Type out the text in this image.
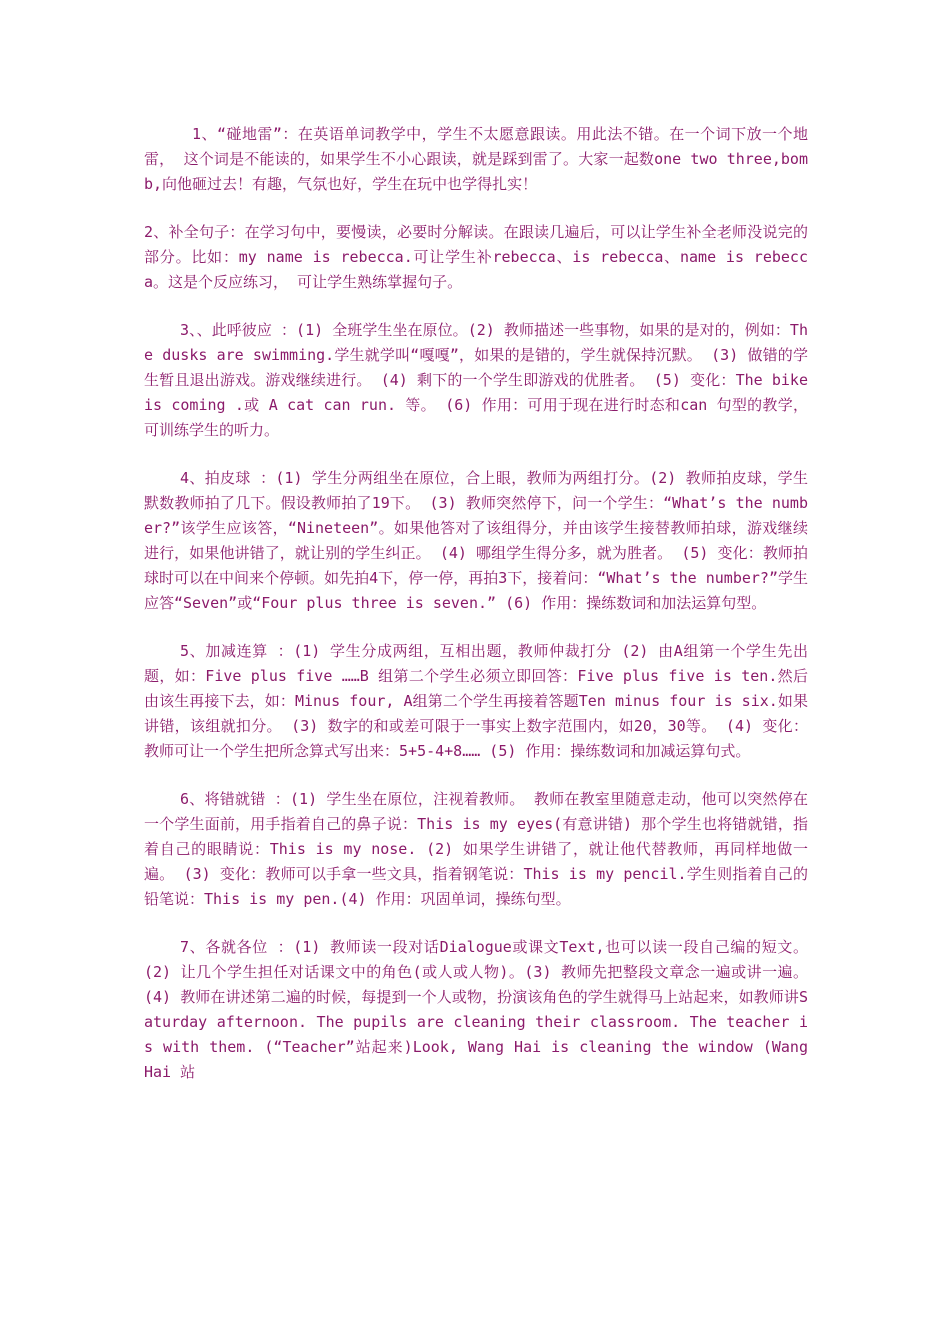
1、“碰地雷”：在英语单词教学中，学生不太愿意跟读。用此法不错。在一个词下放一个地雷， 这个词是不能读的，如果学生不小心跟读，就是踩到雷了。大家一起数one two three,bomb,向他砸过去！有趣，气氛也好，学生在玩中也学得扎实！

2、补全句子：在学习句中，要慢读，必要时分解读。在跟读几遍后，可以让学生补全老师没说完的部分。比如：my name is rebecca.可让学生补rebecca、is rebecca、name is rebecca。这是个反应练习， 可让学生熟练掌握句子。

3、、此呼彼应 ：(1) 全班学生坐在原位。(2) 教师描述一些事物，如果的是对的，例如：The dusks are swimming.学生就学叫“嘎嘎”，如果的是错的，学生就保持沉默。 (3) 做错的学生暂且退出游戏。游戏继续进行。 (4) 剩下的一个学生即游戏的优胜者。 (5) 变化：The bike is coming .或 A cat can run. 等。 (6) 作用：可用于现在进行时态和can 句型的教学，可训练学生的听力。

4、拍皮球 ：(1) 学生分两组坐在原位，合上眼，教师为两组打分。(2) 教师拍皮球，学生默数教师拍了几下。假设教师拍了19下。 (3) 教师突然停下，问一个学生：“What’s the number?”该学生应该答，“Nineteen”。如果他答对了该组得分，并由该学生接替教师拍球，游戏继续进行，如果他讲错了，就让别的学生纠正。 (4) 哪组学生得分多，就为胜者。 (5) 变化：教师拍球时可以在中间来个停顿。如先拍4下，停一停，再拍3下，接着问：“What’s the number?”学生应答“Seven”或“Four plus three is seven.” (6) 作用：操练数词和加法运算句型。

5、加减连算 ：(1) 学生分成两组，互相出题，教师仲裁打分 (2) 由A组第一个学生先出题，如：Five plus five ……B 组第二个学生必须立即回答：Five plus five is ten.然后由该生再接下去，如：Minus four, A组第二个学生再接着答题Ten minus four is six.如果讲错，该组就扣分。 (3) 数字的和或差可限于一事实上数字范围内，如20，30等。 (4) 变化：教师可让一个学生把所念算式写出来：5+5-4+8…… (5) 作用：操练数词和加减运算句式。

6、将错就错 ：(1) 学生坐在原位，注视着教师。 教师在教室里随意走动，他可以突然停在一个学生面前，用手指着自己的鼻子说：This is my eyes(有意讲错) 那个学生也将错就错，指着自己的眼睛说：This is my nose. (2) 如果学生讲错了，就让他代替教师，再同样地做一遍。 (3) 变化：教师可以手拿一些文具，指着钢笔说：This is my pencil.学生则指着自己的铅笔说：This is my pen.(4) 作用：巩固单词，操练句型。

7、各就各位 ：(1) 教师读一段对话Dialogue或课文Text,也可以读一段自己编的短文。 (2) 让几个学生担任对话课文中的角色(或人或人物)。(3) 教师先把整段文章念一遍或讲一遍。 (4) 教师在讲述第二遍的时候，每提到一个人或物，扮演该角色的学生就得马上站起来，如教师讲Saturday afternoon. The pupils are cleaning their classroom. The teacher is with them. (“Teacher”站起来)Look, Wang Hai is cleaning the window (Wang Hai 站
